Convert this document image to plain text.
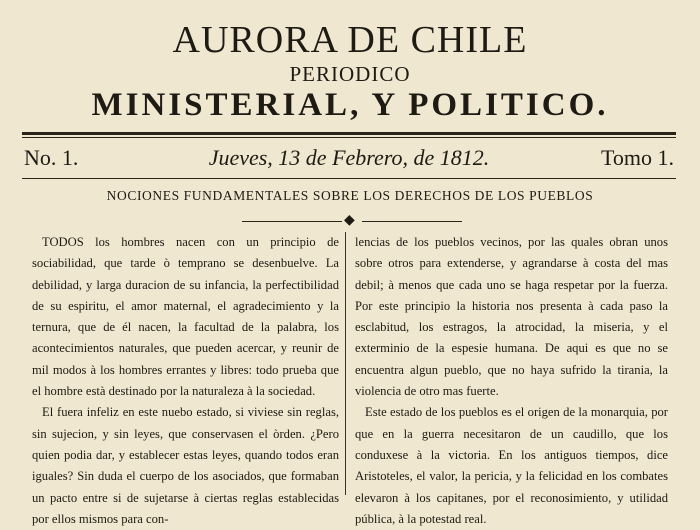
AURORA DE CHILE
PERIODICO
MINISTERIAL, Y POLITICO.
No. 1.	Jueves, 13 de Febrero, de 1812.	Tomo 1.
NOCIONES FUNDAMENTALES SOBRE LOS DERECHOS DE LOS PUEBLOS
◆

TODOS los hombres nacen con un principio de sociabilidad, que tarde ò temprano se desenbuelve. La debilidad, y larga duracion de su infancia, la perfectibilidad de su espiritu, el amor maternal, el agradecimiento y la ternura, que de él nacen, la facultad de la palabra, los acontecimientos naturales, que pueden acercar, y reunir de mil modos à los hombres errantes y libres: todo prueba que el hombre està destinado por la naturaleza à la sociedad.

El fuera infeliz en este nuebo estado, si viviese sin reglas, sin sujecion, y sin leyes, que conservasen el òrden. ¿Pero quien podia dar, y establecer estas leyes, quando todos eran iguales? Sin duda el cuerpo de los asociados, que formaban un pacto entre si de sujetarse à ciertas reglas establecidas por ellos mismos para con-

lencias de los pueblos vecinos, por las quales obran unos sobre otros para extenderse, y agrandarse à costa del mas debil; à menos que cada uno se haga respetar por la fuerza. Por este principio la historia nos presenta à cada paso la esclabitud, los estragos, la atrocidad, la miseria, y el exterminio de la espesie humana. De aqui es que no se encuentra algun pueblo, que no haya sufrido la tirania, la violencia de otro mas fuerte.

Este estado de los pueblos es el origen de la monarquia, por que en la guerra necesitaron de un caudillo, que los conduxese à la victoria. En los antiguos tiempos, dice Aristoteles, el valor, la pericia, y la felicidad en los combates elevaron à los capitanes, por el reconosimiento, y utilidad pública, à la potestad real.
